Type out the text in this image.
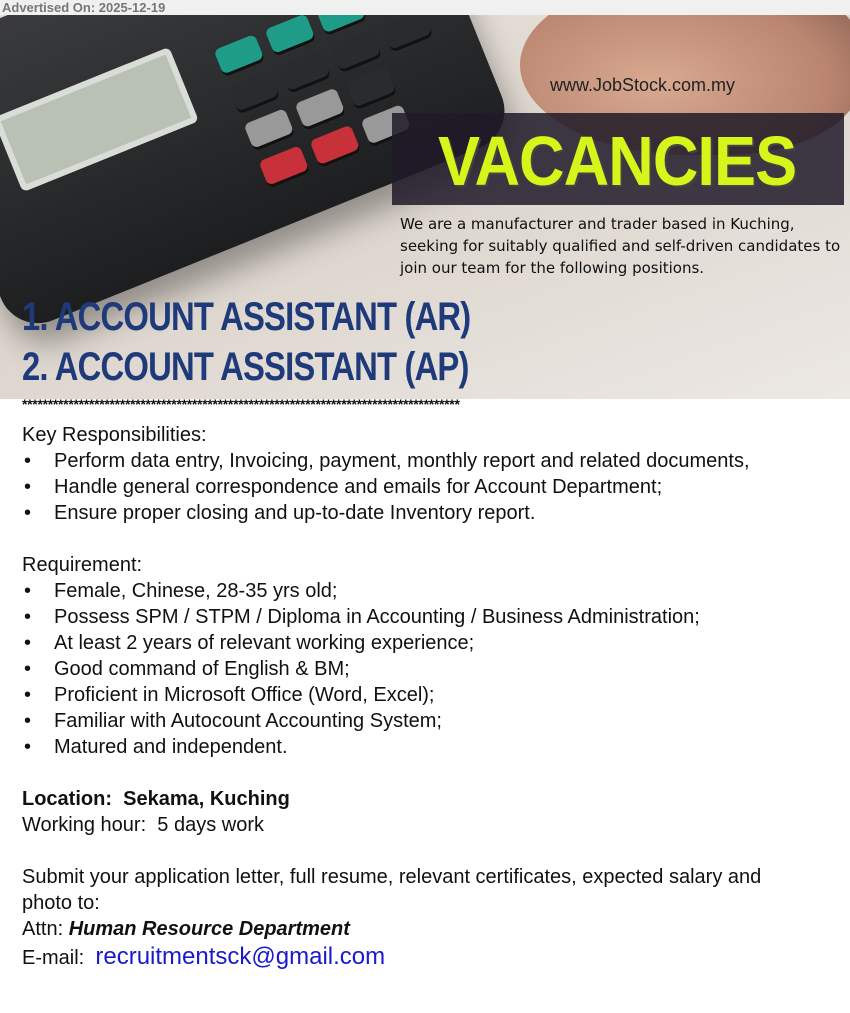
Advertised On: 2025-12-19
www.JobStock.com.my
VACANCIES
We are a manufacturer and trader based in Kuching, seeking for suitably qualified and self-driven candidates to join our team for the following positions.
1. ACCOUNT ASSISTANT (AR)
2. ACCOUNT ASSISTANT (AP)
*************************************************************************************
Key Responsibilities:
• Perform data entry, Invoicing, payment, monthly report and related documents,
• Handle general correspondence and emails for Account Department;
• Ensure proper closing and up-to-date Inventory report.
Requirement:
• Female, Chinese, 28-35 yrs old;
• Possess SPM / STPM / Diploma in Accounting / Business Administration;
• At least 2 years of relevant working experience;
• Good command of English & BM;
• Proficient in Microsoft Office (Word, Excel);
• Familiar with Autocount Accounting System;
• Matured and independent.
Location: Sekama, Kuching
Working hour: 5 days work
Submit your application letter, full resume, relevant certificates, expected salary and photo to:
Attn: Human Resource Department
E-mail: recruitmentsck@gmail.com
